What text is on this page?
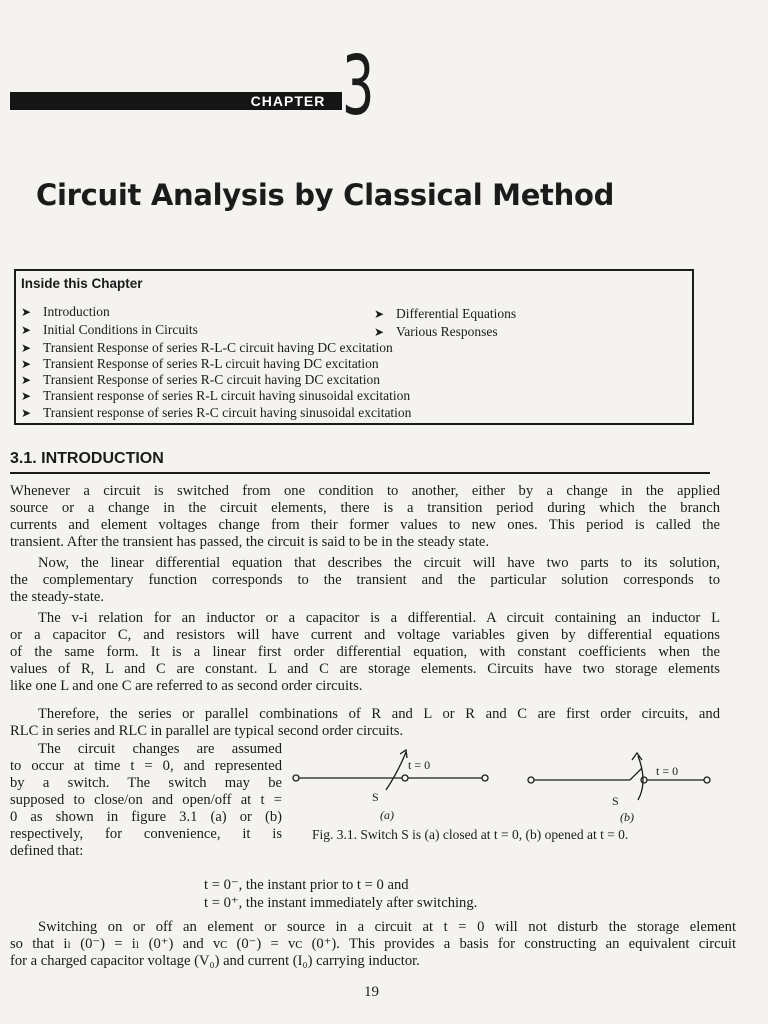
CHAPTER 3
Circuit Analysis by Classical Method
Inside this Chapter
➤ Introduction
➤ Initial Conditions in Circuits
➤ Transient Response of series R-L-C circuit having DC excitation
➤ Transient Response of series R-L circuit having DC excitation
➤ Transient Response of series R-C circuit having DC excitation
➤ Transient response of series R-L circuit having sinusoidal excitation
➤ Transient response of series R-C circuit having sinusoidal excitation
➤ Differential Equations
➤ Various Responses
3.1. INTRODUCTION
Whenever a circuit is switched from one condition to another, either by a change in the applied
source or a change in the circuit elements, there is a transition period during which the branch
currents and element voltages change from their former values to new ones. This period is called the
transient. After the transient has passed, the circuit is said to be in the steady state.
Now, the linear differential equation that describes the circuit will have two parts to its solution,
the complementary function corresponds to the transient and the particular solution corresponds to
the steady-state.
The v-i relation for an inductor or a capacitor is a differential. A circuit containing an inductor L
or a capacitor C, and resistors will have current and voltage variables given by differential equations
of the same form. It is a linear first order differential equation, with constant coefficients when the
values of R, L and C are constant. L and C are storage elements. Circuits have two storage elements
like one L and one C are referred to as second order circuits.
Therefore, the series or parallel combinations of R and L or R and C are first order circuits, and
RLC in series and RLC in parallel are typical second order circuits.
The circuit changes are assumed
to occur at time t = 0, and represented
by a switch. The switch may be
supposed to close/on and open/off at t =
0 as shown in figure 3.1 (a) or (b)
respectively, for convenience, it is
defined that:
t = 0	t = 0
S	S
(a)	(b)
Fig. 3.1. Switch S is (a) closed at t = 0, (b) opened at t = 0.
t = 0⁻, the instant prior to t = 0 and
t = 0⁺, the instant immediately after switching.
Switching on or off an element or source in a circuit at t = 0 will not disturb the storage element
so that iₗ (0⁻) = iₗ (0⁺) and vᴄ (0⁻) = vᴄ (0⁺). This provides a basis for constructing an equivalent circuit
for a charged capacitor voltage (V₀) and current (I₀) carrying inductor.
19
